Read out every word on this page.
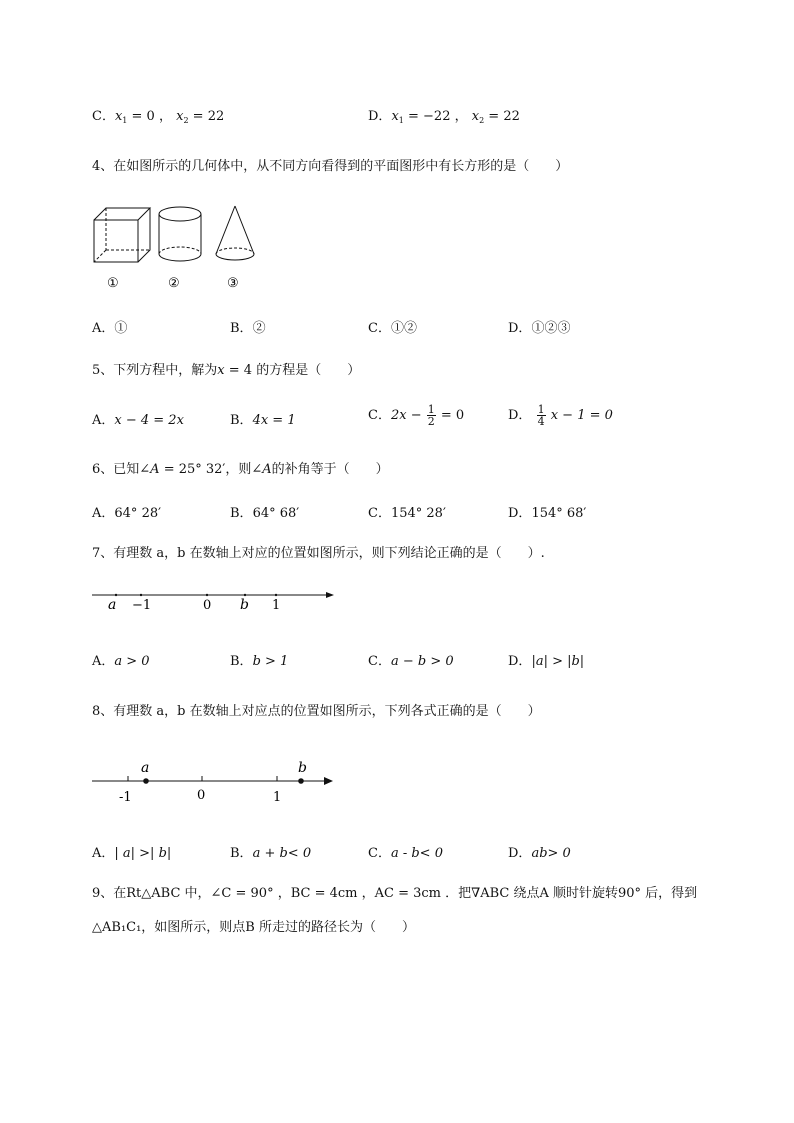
C．$x_1 = 0$ ， $x_2 = 22$	D．$x_1 = -22$ ， $x_2 = 22$
4、在如图所示的几何体中，从不同方向看得到的平面图形中有长方形的是（　　）
①	②	③
A．①	B．②	C．①②	D．①②③
5、下列方程中，解为x = 4 的方程是（　　）
A．x − 4 = 2x	B．4x = 1	C．$2x - \frac{1}{2} = 0$	D． $\frac{1}{4}$ x − 1 = 0
6、已知∠A = 25° 32′，则∠A的补角等于（　　）
A．64° 28′	B．64° 68′	C．154° 28′	D．154° 68′
7、有理数 a，b 在数轴上对应的位置如图所示，则下列结论正确的是（　　）.
a −1	0 b 1
A．a > 0	B．b > 1	C．a − b > 0	D．|a| > |b|
8、有理数 a，b 在数轴上对应点的位置如图所示，下列各式正确的是（　　）
a	b
-1	0	1
A．| a| >| b|	B．a + b< 0	C．a - b< 0	D．ab> 0
9、在Rt△ABC 中，∠C = 90° ，BC = 4cm ，AC = 3cm ．把∇ABC 绕点A 顺时针旋转90° 后，得到
△AB₁C₁，如图所示，则点B 所走过的路径长为（　　）
